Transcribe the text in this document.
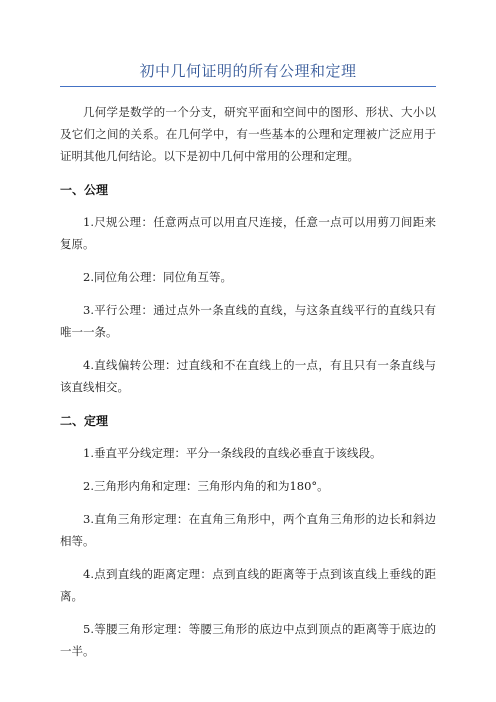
初中几何证明的所有公理和定理

几何学是数学的一个分支，研究平面和空间中的图形、形状、大小以及它们之间的关系。在几何学中，有一些基本的公理和定理被广泛应用于证明其他几何结论。以下是初中几何中常用的公理和定理。

一、公理

1.尺规公理：任意两点可以用直尺连接，任意一点可以用剪刀间距来复原。

2.同位角公理：同位角互等。

3.平行公理：通过点外一条直线的直线，与这条直线平行的直线只有唯一一条。

4.直线偏转公理：过直线和不在直线上的一点，有且只有一条直线与该直线相交。

二、定理

1.垂直平分线定理：平分一条线段的直线必垂直于该线段。

2.三角形内角和定理：三角形内角的和为180°。

3.直角三角形定理：在直角三角形中，两个直角三角形的边长和斜边相等。

4.点到直线的距离定理：点到直线的距离等于点到该直线上垂线的距离。

5.等腰三角形定理：等腰三角形的底边中点到顶点的距离等于底边的一半。
